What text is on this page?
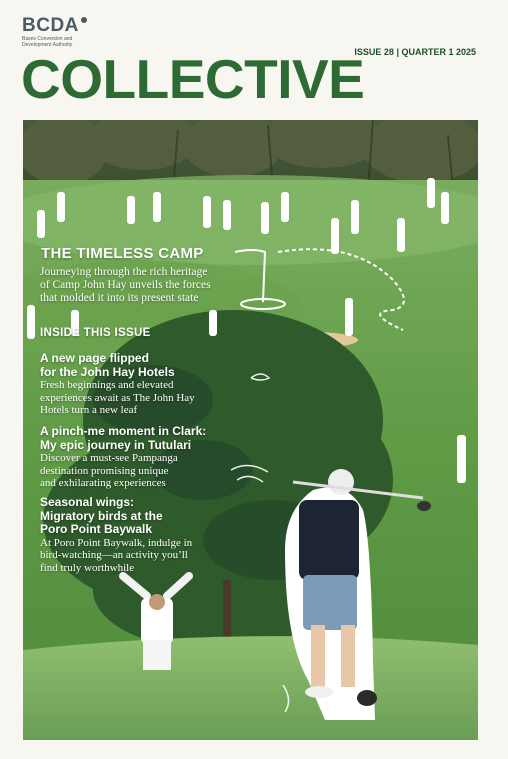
BCDA
Bases Conversion and
Development Authority
ISSUE 28 | QUARTER 1 2025
COLLECTIVE
THE TIMELESS CAMP
Journeying through the rich heritage
of Camp John Hay unveils the forces
that molded it into its present state
INSIDE THIS ISSUE
A new page flipped
for the John Hay Hotels
Fresh beginnings and elevated
experiences await as The John Hay
Hotels turn a new leaf
A pinch-me moment in Clark:
My epic journey in Tutulari
Discover a must-see Pampanga
destination promising unique
and exhilarating experiences
Seasonal wings:
Migratory birds at the
Poro Point Baywalk
At Poro Point Baywalk, indulge in
bird-watching—an activity you’ll
find truly worthwhile
